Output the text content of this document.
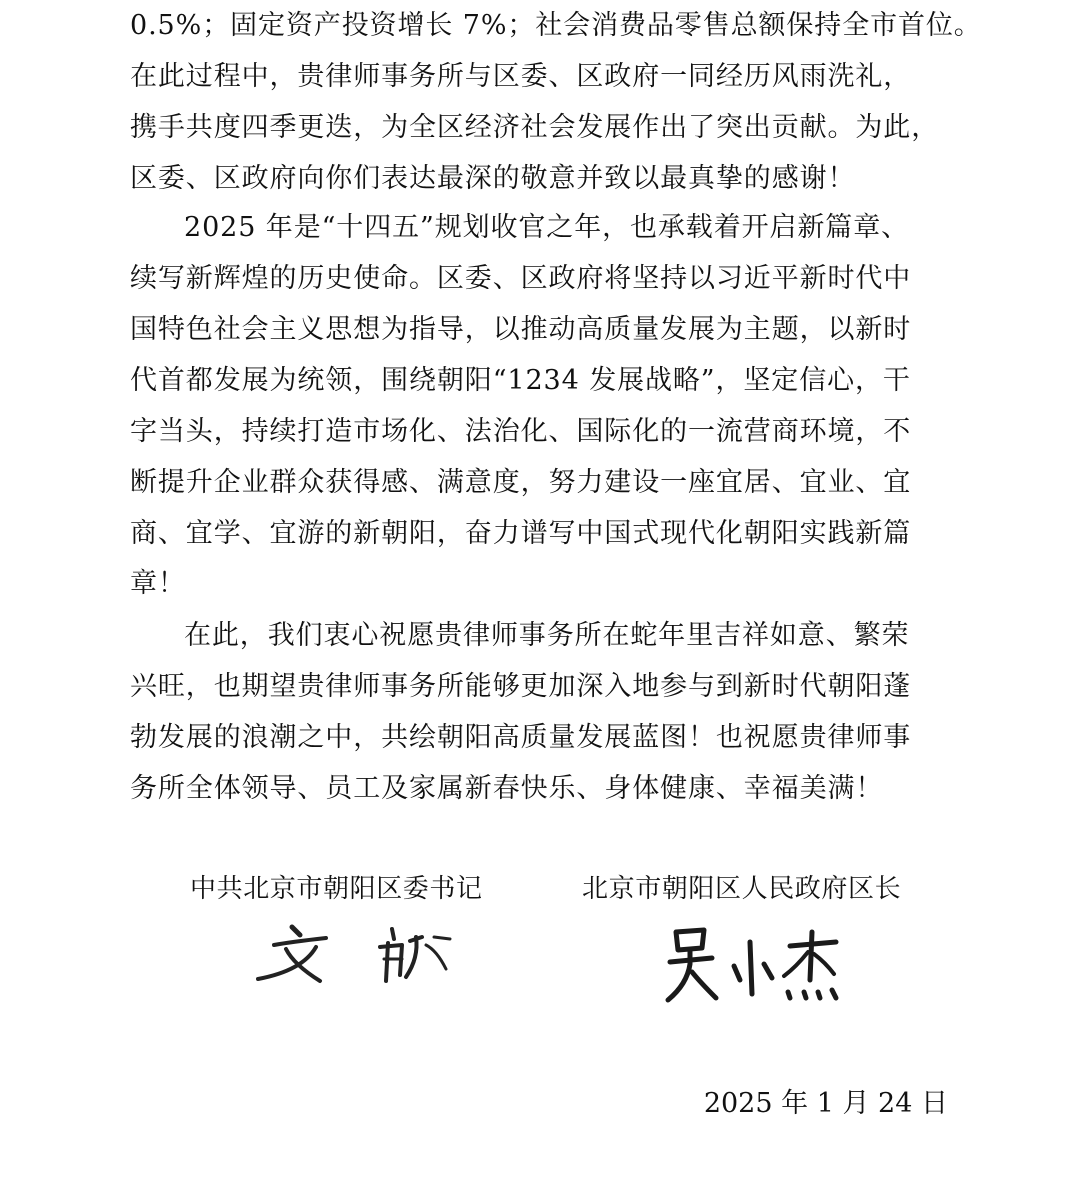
0.5%；固定资产投资增长 7%；社会消费品零售总额保持全市首位。
在此过程中，贵律师事务所与区委、区政府一同经历风雨洗礼，
携手共度四季更迭，为全区经济社会发展作出了突出贡献。为此，
区委、区政府向你们表达最深的敬意并致以最真挚的感谢！
2025 年是“十四五”规划收官之年，也承载着开启新篇章、
续写新辉煌的历史使命。区委、区政府将坚持以习近平新时代中
国特色社会主义思想为指导，以推动高质量发展为主题，以新时
代首都发展为统领，围绕朝阳“1234 发展战略”，坚定信心，干
字当头，持续打造市场化、法治化、国际化的一流营商环境，不
断提升企业群众获得感、满意度，努力建设一座宜居、宜业、宜
商、宜学、宜游的新朝阳，奋力谱写中国式现代化朝阳实践新篇
章！
在此，我们衷心祝愿贵律师事务所在蛇年里吉祥如意、繁荣
兴旺，也期望贵律师事务所能够更加深入地参与到新时代朝阳蓬
勃发展的浪潮之中，共绘朝阳高质量发展蓝图！也祝愿贵律师事
务所全体领导、员工及家属新春快乐、身体健康、幸福美满！
中共北京市朝阳区委书记	北京市朝阳区人民政府区长
2025 年 1 月 24 日
